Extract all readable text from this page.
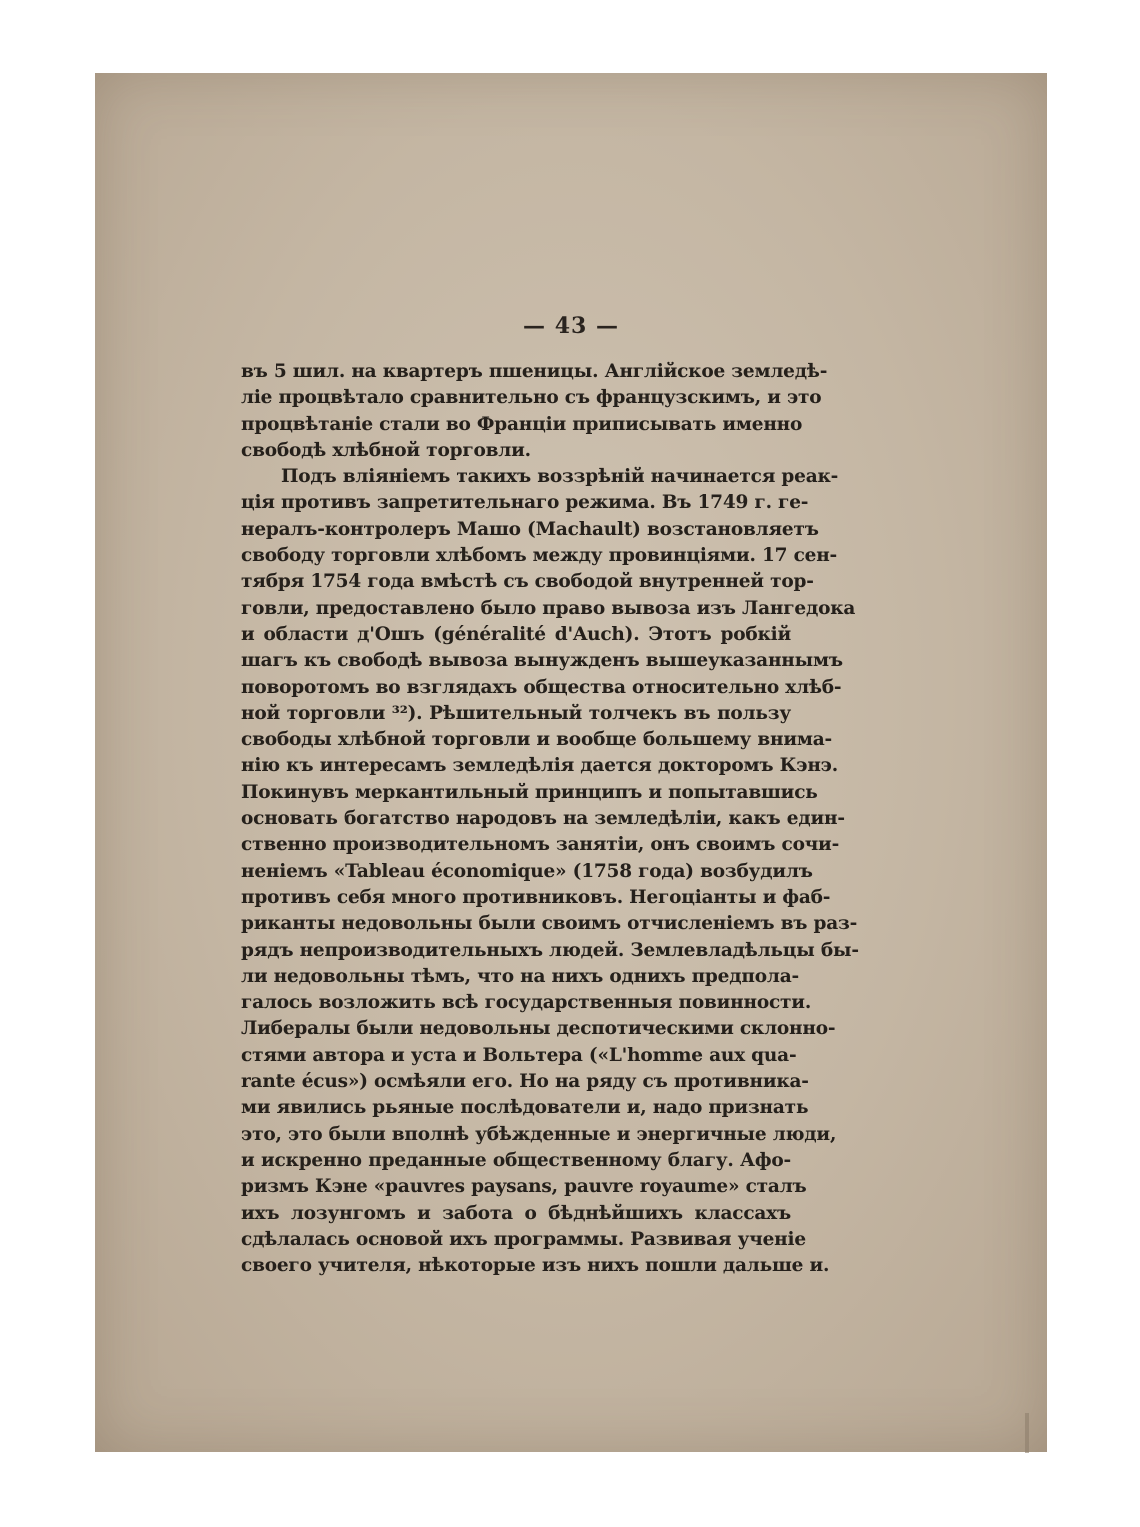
— 43 —
въ 5 шил. на квартеръ пшеницы. Англійское земледѣ-
ліе процвѣтало сравнительно съ французскимъ, и это
процвѣтаніе стали во Франціи приписывать именно
свободѣ хлѣбной торговли.
Подъ вліяніемъ такихъ воззрѣній начинается реак-
ція противъ запретительнаго режима. Въ 1749 г. ге-
нералъ-контролеръ Машо (Machault) возстановляетъ
свободу торговли хлѣбомъ между провинціями. 17 сен-
тября 1754 года вмѣстѣ съ свободой внутренней тор-
говли, предоставлено было право вывоза изъ Лангедока
и области д'Ошъ (généralité d'Auch). Этотъ робкій
шагъ къ свободѣ вывоза вынужденъ вышеуказаннымъ
поворотомъ во взглядахъ общества относительно хлѣб-
ной торговли ³²). Рѣшительный толчекъ въ пользу
свободы хлѣбной торговли и вообще большему внима-
нію къ интересамъ земледѣлія дается докторомъ Кэнэ.
Покинувъ меркантильный принципъ и попытавшись
основать богатство народовъ на земледѣліи, какъ един-
ственно производительномъ занятіи, онъ своимъ сочи-
неніемъ «Tableau économique» (1758 года) возбудилъ
противъ себя много противниковъ. Негоціанты и фаб-
риканты недовольны были своимъ отчисленіемъ въ раз-
рядъ непроизводительныхъ людей. Землевладѣльцы бы-
ли недовольны тѣмъ, что на нихъ однихъ предпола-
галось возложить всѣ государственныя повинности.
Либералы были недовольны деспотическими склонно-
стями автора и уста и Вольтера («L'homme aux qua-
rante écus») осмѣяли его. Но на ряду съ противника-
ми явились рьяные послѣдователи и, надо признать
это, это были вполнѣ убѣжденные и энергичные люди,
и искренно преданные общественному благу. Афо-
ризмъ Кэне «pauvres paysans, pauvre royaume» сталъ
ихъ лозунгомъ и забота о бѣднѣйшихъ классахъ
сдѣлалась основой ихъ программы. Развивая ученіе
своего учителя, нѣкоторые изъ нихъ пошли дальше и.
